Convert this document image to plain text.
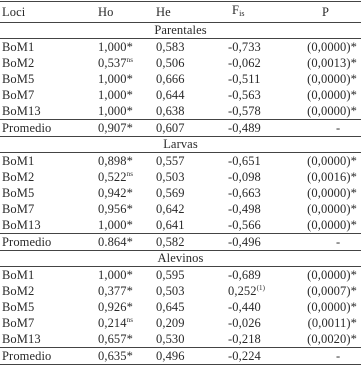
Loci	Ho	He	$F_{is}$	P
Parentales				
BoM1	1,000*	0,583	-0,733	(0,0000)*
BoM2	$0,537^{ns}$	0,506	-0,062	(0,0013)*
BoM5	1,000*	0,666	-0,511	(0,0000)*
BoM7	1,000*	0,644	-0,563	(0,0000)*
BoM13	1,000*	0,638	-0,578	(0,0000)*
Promedio	0,907*	0,607	-0,489	-
Larvas				
BoM1	0,898*	0,557	-0,651	(0,0000)*
BoM2	$0,522^{ns}$	0,503	-0,098	(0,0016)*
BoM5	0,942*	0,569	-0,663	(0,0000)*
BoM7	0,956*	0,642	-0,498	(0,0000)*
BoM13	1,000*	0,641	-0,566	(0,0000)*
Promedio	0.864*	0,582	-0,496	-
Alevinos				
BoM1	1,000*	0,595	-0,689	(0,0000)*
BoM2	0,377*	0,503	0,252$^{(1)}$	(0,0007)*
BoM5	0,926*	0,645	-0,440	(0,0000)*
BoM7	$0,214^{ns}$	0,209	-0,026	(0,0011)*
BoM13	0,657*	0,530	-0,218	(0,0020)*
Promedio	0,635*	0,496	-0,224	-
